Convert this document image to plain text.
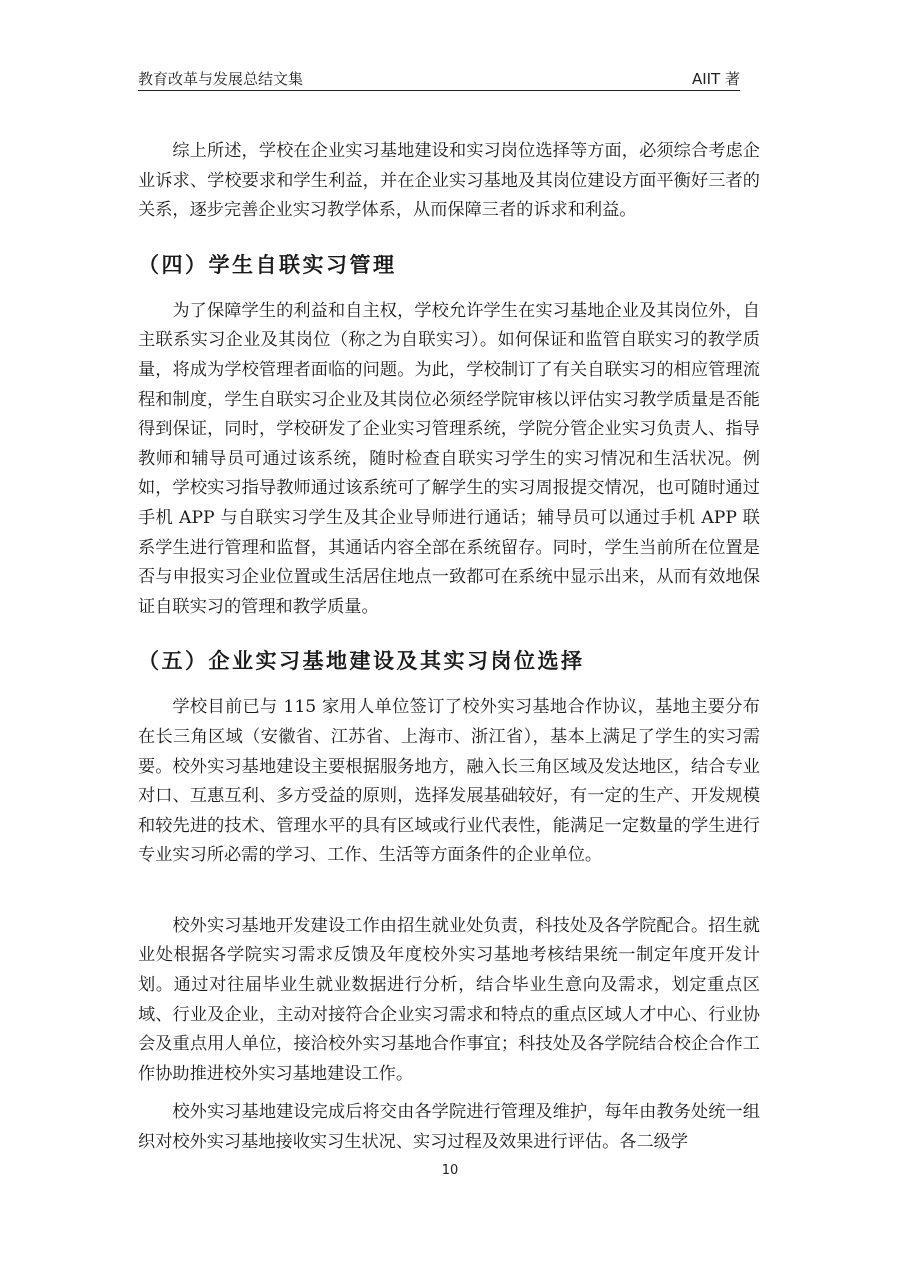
教育改革与发展总结文集	AIIT 著

综上所述，学校在企业实习基地建设和实习岗位选择等方面，必须综合考虑企业诉求、学校要求和学生利益，并在企业实习基地及其岗位建设方面平衡好三者的关系，逐步完善企业实习教学体系，从而保障三者的诉求和利益。

（四）学生自联实习管理

为了保障学生的利益和自主权，学校允许学生在实习基地企业及其岗位外，自主联系实习企业及其岗位（称之为自联实习）。如何保证和监管自联实习的教学质量，将成为学校管理者面临的问题。为此，学校制订了有关自联实习的相应管理流程和制度，学生自联实习企业及其岗位必须经学院审核以评估实习教学质量是否能得到保证，同时，学校研发了企业实习管理系统，学院分管企业实习负责人、指导教师和辅导员可通过该系统，随时检查自联实习学生的实习情况和生活状况。例如，学校实习指导教师通过该系统可了解学生的实习周报提交情况，也可随时通过手机 APP 与自联实习学生及其企业导师进行通话；辅导员可以通过手机 APP 联系学生进行管理和监督，其通话内容全部在系统留存。同时，学生当前所在位置是否与申报实习企业位置或生活居住地点一致都可在系统中显示出来，从而有效地保证自联实习的管理和教学质量。

（五）企业实习基地建设及其实习岗位选择

学校目前已与 115 家用人单位签订了校外实习基地合作协议，基地主要分布在长三角区域（安徽省、江苏省、上海市、浙江省），基本上满足了学生的实习需要。校外实习基地建设主要根据服务地方，融入长三角区域及发达地区，结合专业对口、互惠互利、多方受益的原则，选择发展基础较好，有一定的生产、开发规模和较先进的技术、管理水平的具有区域或行业代表性，能满足一定数量的学生进行专业实习所必需的学习、工作、生活等方面条件的企业单位。

校外实习基地开发建设工作由招生就业处负责，科技处及各学院配合。招生就业处根据各学院实习需求反馈及年度校外实习基地考核结果统一制定年度开发计划。通过对往届毕业生就业数据进行分析，结合毕业生意向及需求，划定重点区域、行业及企业，主动对接符合企业实习需求和特点的重点区域人才中心、行业协会及重点用人单位，接洽校外实习基地合作事宜；科技处及各学院结合校企合作工作协助推进校外实习基地建设工作。

校外实习基地建设完成后将交由各学院进行管理及维护，每年由教务处统一组织对校外实习基地接收实习生状况、实习过程及效果进行评估。各二级学

10
